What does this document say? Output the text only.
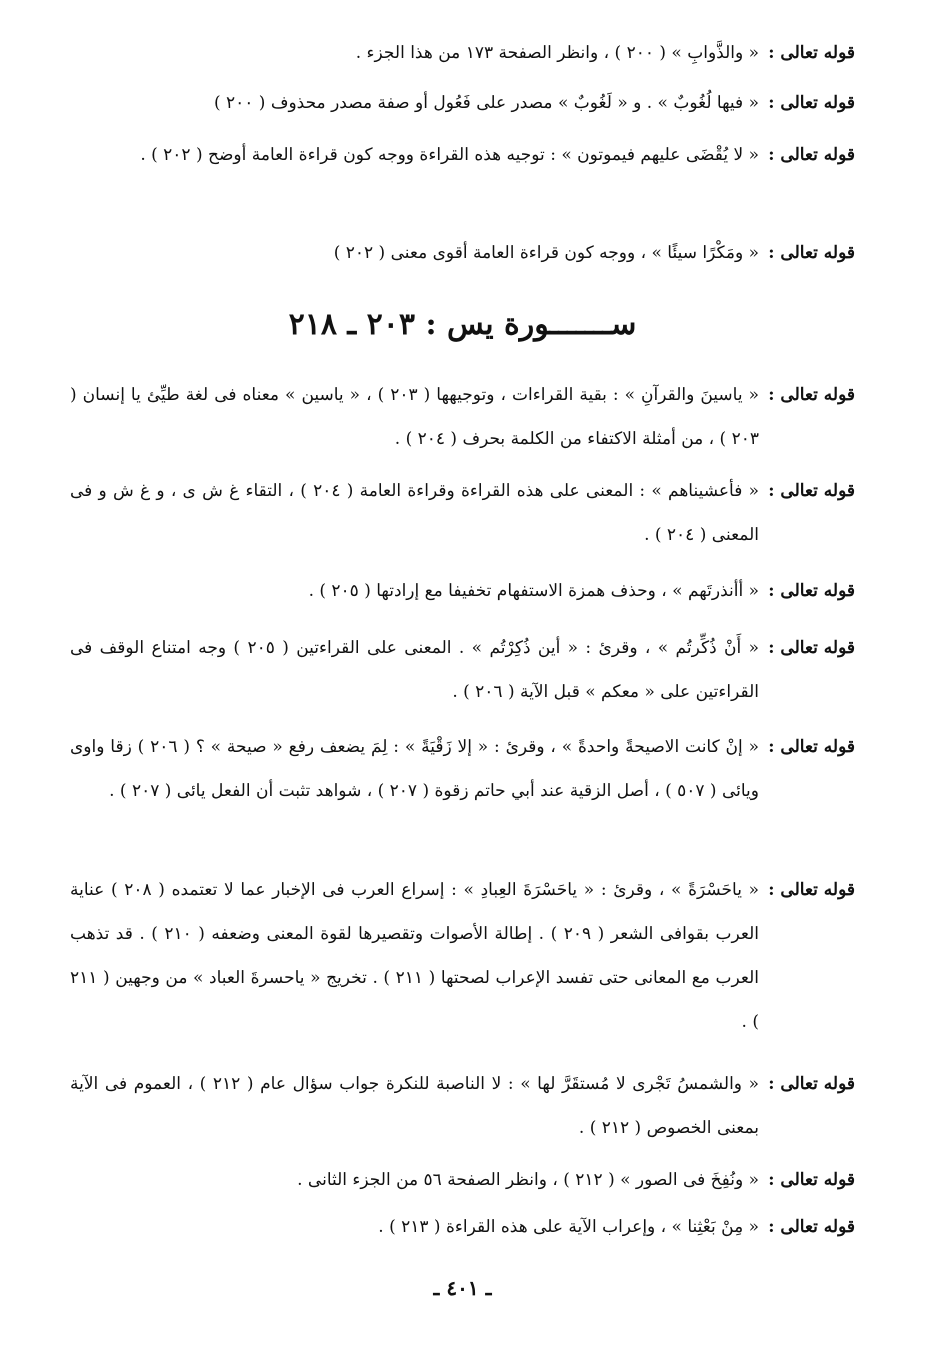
قوله تعالى :
« والذَّوابِ » ( ٢٠٠ ) ، وانظر الصفحة ١٧٣ من هذا الجزء .
قوله تعالى :
« فيها لُغُوبٌ » . و « لَغُوبٌ » مصدر على فَعُول أو صفة مصدر محذوف ( ٢٠٠ )
قوله تعالى :
« لا يُقْضَى عليهم فيموتون » : توجيه هذه القراءة ووجه كون قراءة العامة أوضح ( ٢٠٢ ) .
قوله تعالى :
« ومَكْرًا سيئًا » ، ووجه كون قراءة العامة أقوى معنى ( ٢٠٢ )
ســـــــورة يس : ٢٠٣ ـ ٢١٨
قوله تعالى :
« ياسينَ والقرآنِ » : بقية القراءات ، وتوجيهها ( ٢٠٣ ) ، « ياسين » معناه فى لغة طيِّئ يا إنسان ( ٢٠٣ ) ، من أمثلة الاكتفاء من الكلمة بحرف ( ٢٠٤ ) .
قوله تعالى :
« فأعشيناهم » : المعنى على هذه القراءة وقراءة العامة ( ٢٠٤ ) ، التقاء غ ش ى ، و غ ش و فى المعنى ( ٢٠٤ ) .
قوله تعالى :
« أأنذرتَهم » ، وحذف همزة الاستفهام تخفيفا مع إرادتها ( ٢٠٥ ) .
قوله تعالى :
« أَنْ ذُكِّرتُم » ، وقرئ : « أين ذُكِرْتُم » . المعنى على القراءتين ( ٢٠٥ ) وجه امتناع الوقف فى القراءتين على « معكم » قبل الآية ( ٢٠٦ ) .
قوله تعالى :
« إنْ كانت الاصيحةً واحدةً » ، وقرئ : « إلا زَقْيَةً » : لِمَ يضعف رفع « صيحة » ؟ ( ٢٠٦ ) زقا واوى ويائى ( ٥٠٧ ) ، أصل الزقية عند أبي حاتم زقوة ( ٢٠٧ ) ، شواهد تثبت أن الفعل يائى ( ٢٠٧ ) .
قوله تعالى :
« ياحَسْرَةً » ، وقرئ : « ياحَسْرَةَ العِبادِ » : إسراع العرب فى الإخبار عما لا تعتمده ( ٢٠٨ ) عناية العرب بقوافى الشعر ( ٢٠٩ ) . إطالة الأصوات وتقصيرها لقوة المعنى وضعفه ( ٢١٠ ) . قد تذهب العرب مع المعانى حتى تفسد الإعراب لصحتها ( ٢١١ ) . تخريج « ياحسرةَ العباد » من وجهين ( ٢١١ ) .
قوله تعالى :
« والشمسُ تَجْرى لا مُستقَرَّ لها » : لا الناصبة للنكرة جواب سؤال عام ( ٢١٢ ) ، العموم فى الآية بمعنى الخصوص ( ٢١٢ ) .
قوله تعالى :
« ونُفِخَ فى الصور » ( ٢١٢ ) ، وانظر الصفحة ٥٦ من الجزء الثانى .
قوله تعالى :
« مِنْ بَعْثِنا » ، وإعراب الآية على هذه القراءة ( ٢١٣ ) .
ـ ٤٠١ ـ
